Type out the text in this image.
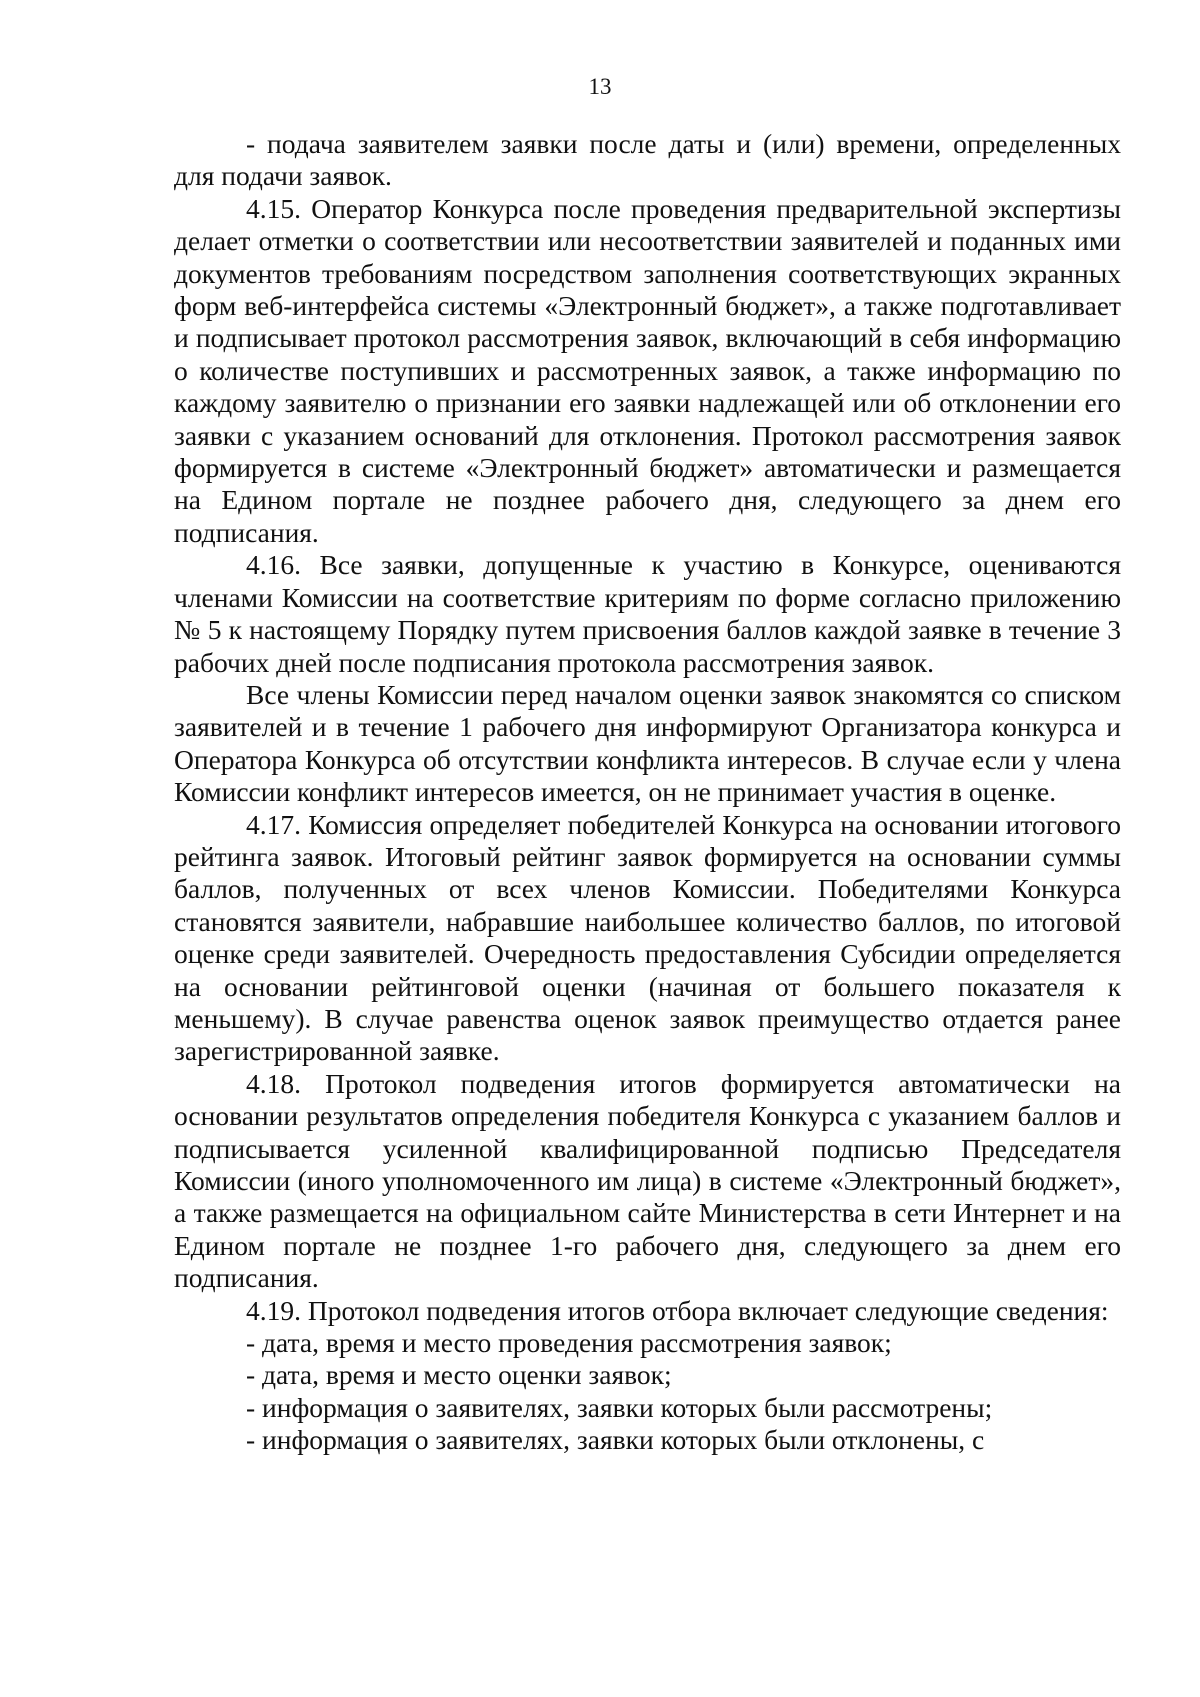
13

- подача заявителем заявки после даты и (или) времени, определенных для подачи заявок.

4.15. Оператор Конкурса после проведения предварительной экспертизы делает отметки о соответствии или несоответствии заявителей и поданных ими документов требованиям посредством заполнения соответствующих экранных форм веб-интерфейса системы «Электронный бюджет», а также подготавливает и подписывает протокол рассмотрения заявок, включающий в себя информацию о количестве поступивших и рассмотренных заявок, а также информацию по каждому заявителю о признании его заявки надлежащей или об отклонении его заявки с указанием оснований для отклонения. Протокол рассмотрения заявок формируется в системе «Электронный бюджет» автоматически и размещается на Едином портале не позднее рабочего дня, следующего за днем его подписания.

4.16. Все заявки, допущенные к участию в Конкурсе, оцениваются членами Комиссии на соответствие критериям по форме согласно приложению № 5 к настоящему Порядку путем присвоения баллов каждой заявке в течение 3 рабочих дней после подписания протокола рассмотрения заявок.

Все члены Комиссии перед началом оценки заявок знакомятся со списком заявителей и в течение 1 рабочего дня информируют Организатора конкурса и Оператора Конкурса об отсутствии конфликта интересов. В случае если у члена Комиссии конфликт интересов имеется, он не принимает участия в оценке.

4.17. Комиссия определяет победителей Конкурса на основании итогового рейтинга заявок. Итоговый рейтинг заявок формируется на основании суммы баллов, полученных от всех членов Комиссии. Победителями Конкурса становятся заявители, набравшие наибольшее количество баллов, по итоговой оценке среди заявителей. Очередность предоставления Субсидии определяется на основании рейтинговой оценки (начиная от большего показателя к меньшему). В случае равенства оценок заявок преимущество отдается ранее зарегистрированной заявке.

4.18. Протокол подведения итогов формируется автоматически на основании результатов определения победителя Конкурса с указанием баллов и подписывается усиленной квалифицированной подписью Председателя Комиссии (иного уполномоченного им лица) в системе «Электронный бюджет», а также размещается на официальном сайте Министерства в сети Интернет и на Едином портале не позднее 1-го рабочего дня, следующего за днем его подписания.

4.19. Протокол подведения итогов отбора включает следующие сведения:

- дата, время и место проведения рассмотрения заявок;

- дата, время и место оценки заявок;

- информация о заявителях, заявки которых были рассмотрены;

- информация о заявителях, заявки которых были отклонены, с
